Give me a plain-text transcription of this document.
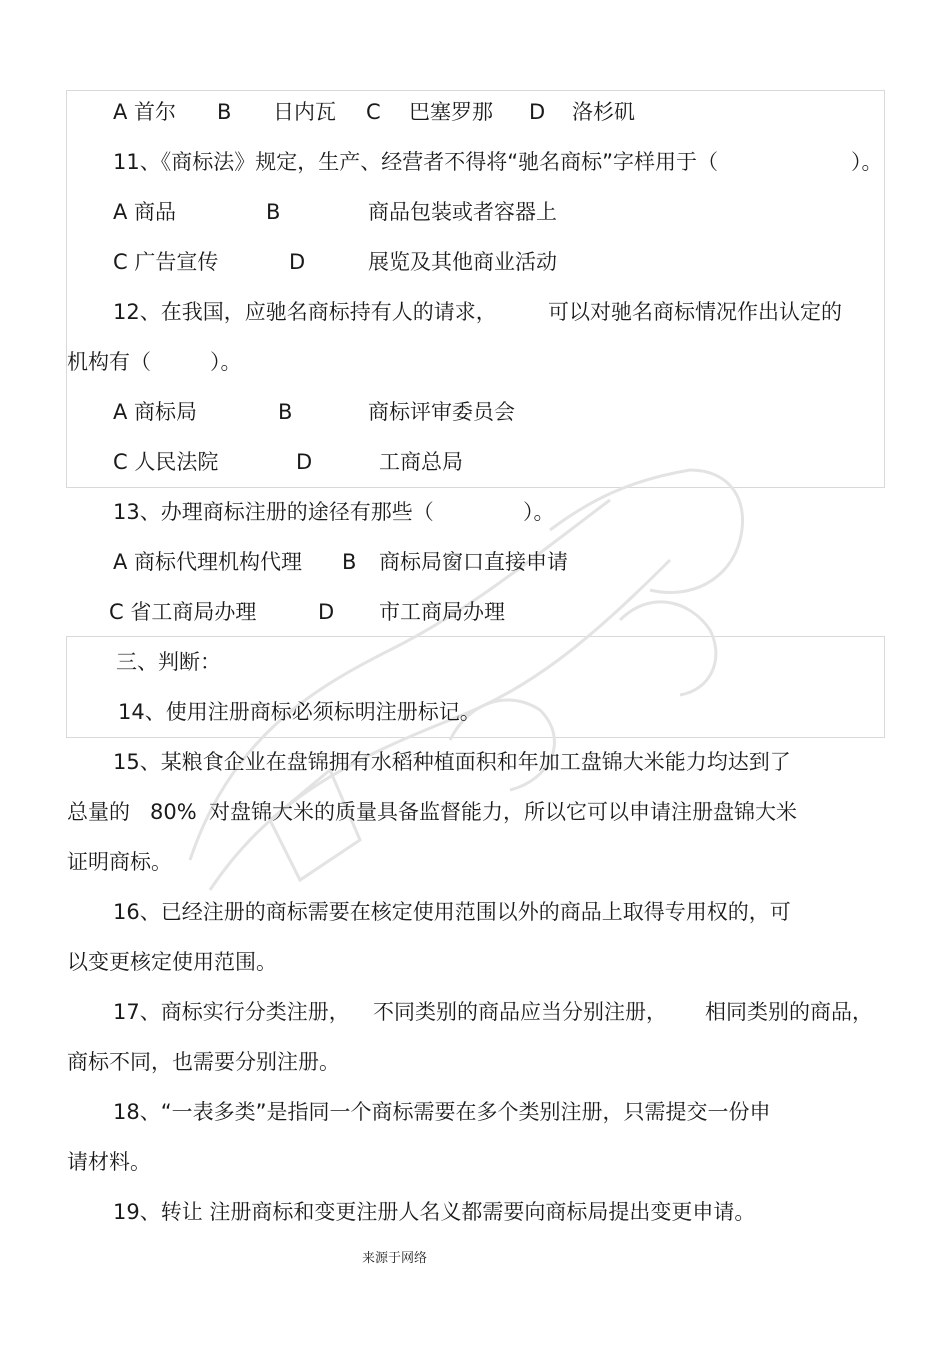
A 首尔 B 日内瓦 C 巴塞罗那 D 洛杉矶
11、《商标法》规定，生产、经营者不得将“驰名商标”字样用于（	）。
A 商品	B	商品包装或者容器上
C 广告宣传	D	展览及其他商业活动
12、在我国，应驰名商标持有人的请求， 可以对驰名商标情况作出认定的
机构有（	）。
A 商标局	B	商标评审委员会
C 人民法院	D	工商总局
13、办理商标注册的途径有那些（	）。
A 商标代理机构代理 B 商标局窗口直接申请
C 省工商局办理	D 市工商局办理
三、判断：
14、使用注册商标必须标明注册标记。
15、某粮食企业在盘锦拥有水稻种植面积和年加工盘锦大米能力均达到了
总量的 80% 对盘锦大米的质量具备监督能力，所以它可以申请注册盘锦大米
证明商标。
16、已经注册的商标需要在核定使用范围以外的商品上取得专用权的，可
以变更核定使用范围。
17、商标实行分类注册， 不同类别的商品应当分别注册， 相同类别的商品，
商标不同，也需要分别注册。
18、“一表多类”是指同一个商标需要在多个类别注册，只需提交一份申
请材料。
19、转让 注册商标和变更注册人名义都需要向商标局提出变更申请。
来源于网络
